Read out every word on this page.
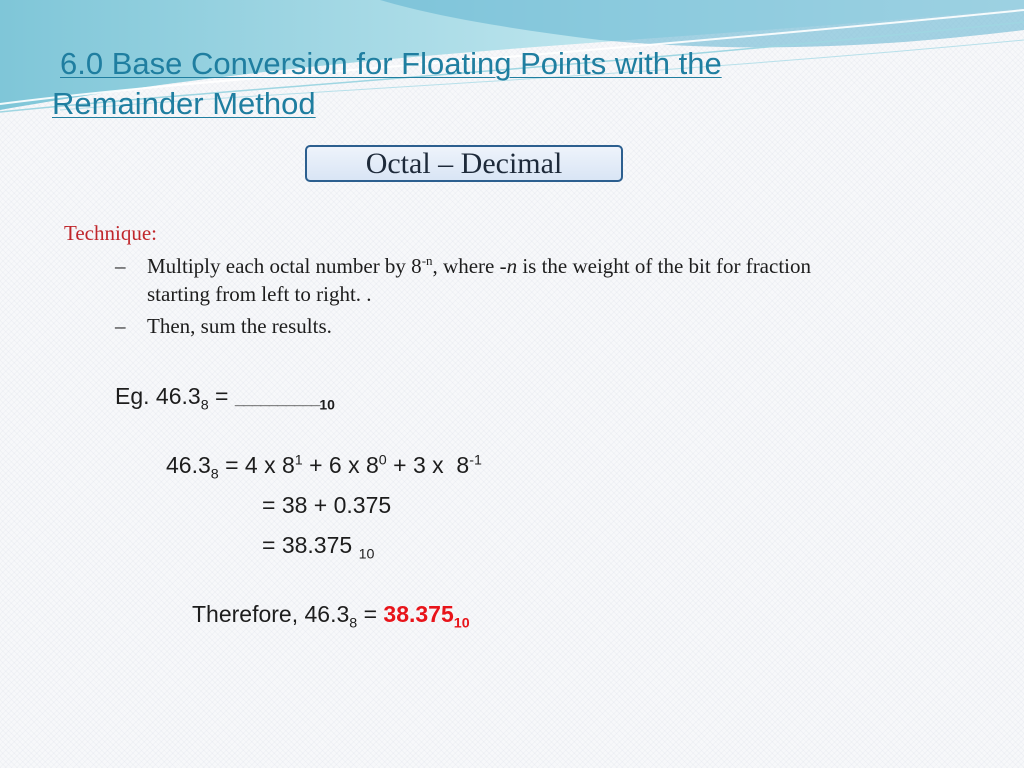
6.0 Base Conversion for Floating Points with the
Remainder Method
Octal – Decimal
Technique:
– Multiply each octal number by $8^{-n}$, where -n is the weight of the bit for fraction
starting from left to right. .
– Then, sum the results.
Eg. $46.3_8$ = $\_\_\_\_\_\_\_\_\_\__{10}$
$46.3_8 = 4$ x $8^1 + 6$ x $8^0 + 3$ x  $8^{-1}$
= 38 + 0.375
= 38.375 $_{10}$
Therefore, $46.3_8 = 38.375_{10}$
